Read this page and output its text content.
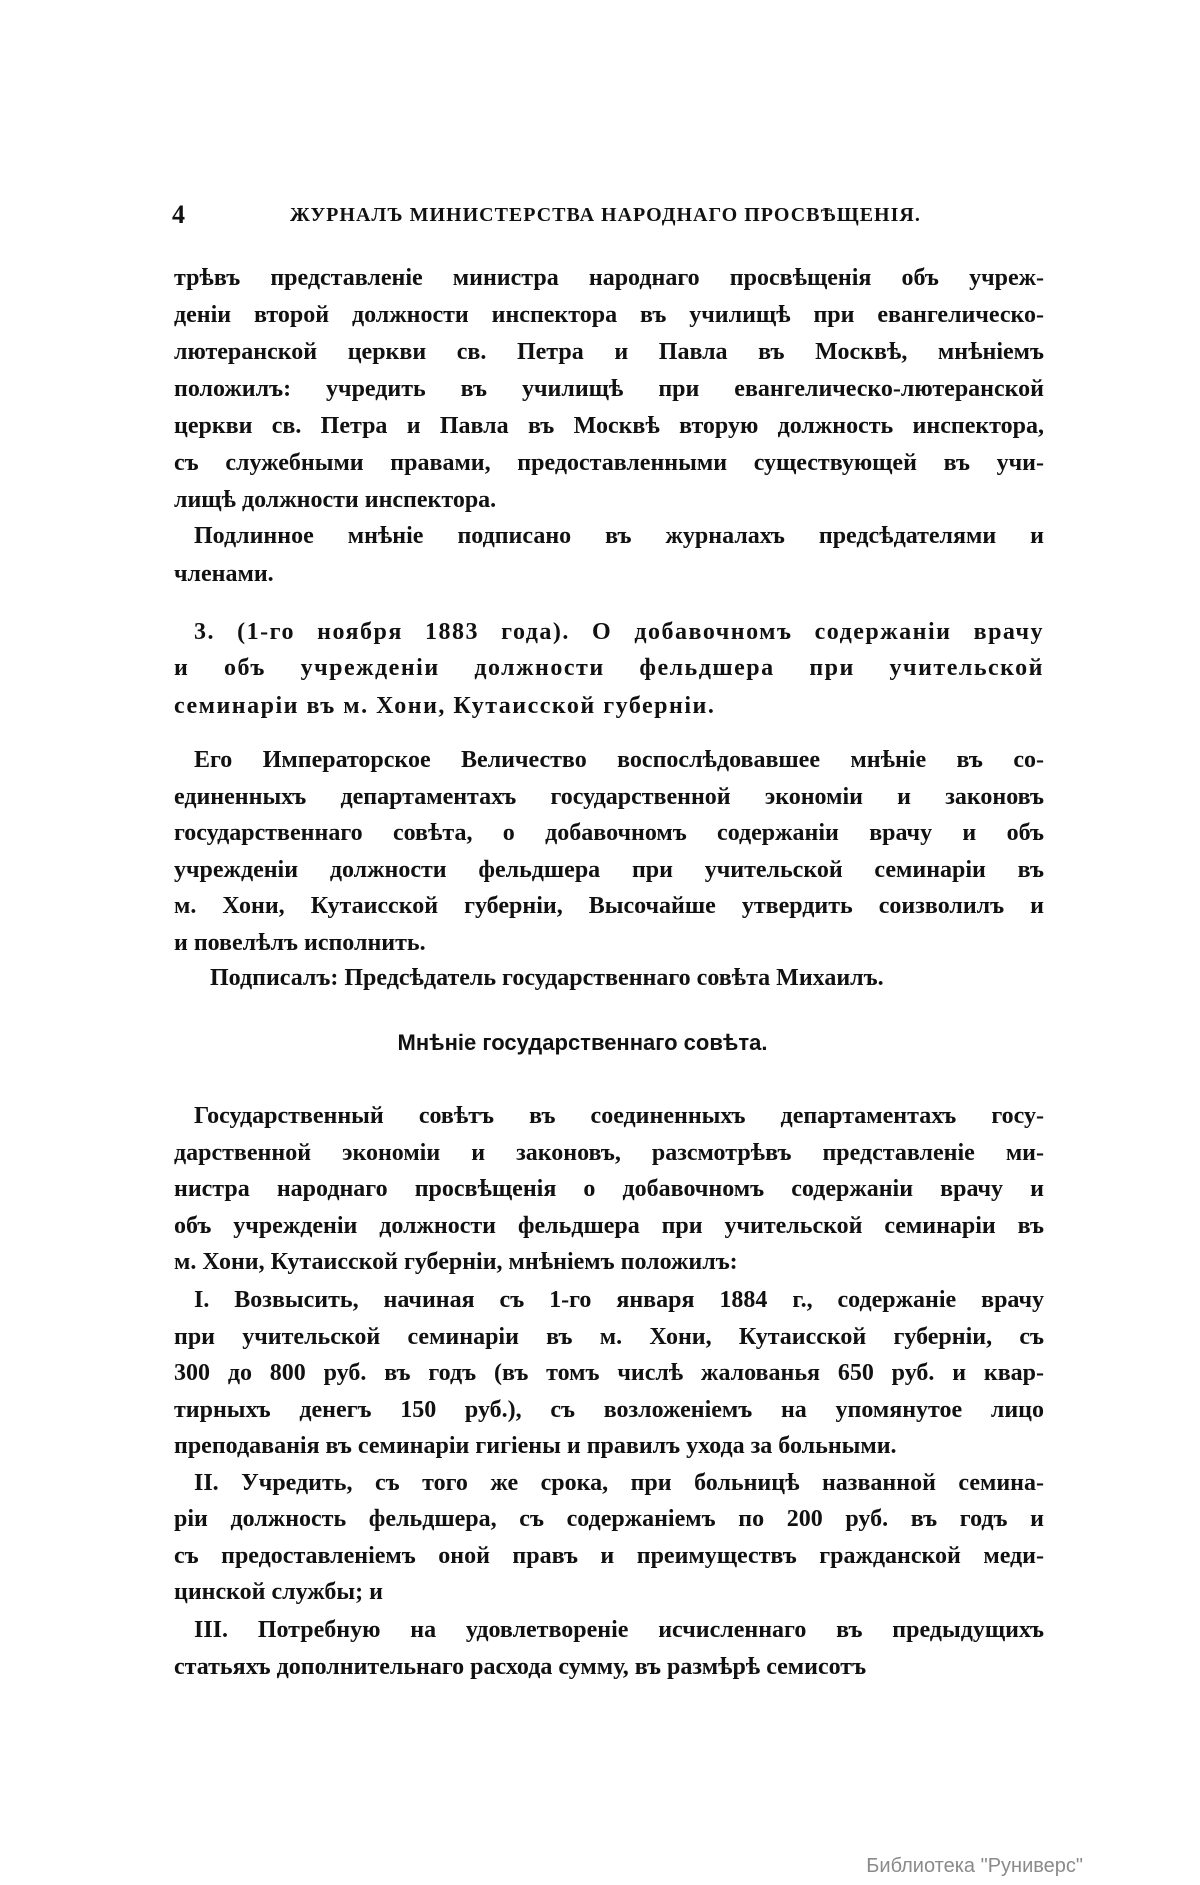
4	ЖУРНАЛЪ МИНИСТЕРСТВА НАРОДНАГО ПРОСВѢЩЕНІЯ.
трѣвъ представленіе министра народнаго просвѣщенія объ учреж-
деніи второй должности инспектора въ училищѣ при евангелическо-
лютеранской церкви св. Петра и Павла въ Москвѣ, мнѣніемъ
положилъ: учредить въ училищѣ при евангелическо-лютеранской
церкви св. Петра и Павла въ Москвѣ вторую должность инспектора,
съ служебными правами, предоставленными существующей въ учи-
лищѣ должности инспектора.
Подлинное мнѣніе подписано въ журналахъ предсѣдателями и
членами.
3. (1-го ноября 1883 года). О добавочномъ содержаніи врачу
и объ учрежденіи должности фельдшера при учительской
семинаріи въ м. Хони, Кутаисской губерніи.
Его Императорское Величество воспослѣдовавшее мнѣніе въ со-
единенныхъ департаментахъ государственной экономіи и законовъ
государственнаго совѣта, о добавочномъ содержаніи врачу и объ
учрежденіи должности фельдшера при учительской семинаріи въ
м. Хони, Кутаисской губерніи, Высочайше утвердить соизволилъ и
и повелѣлъ исполнить.
Подписалъ: Предсѣдатель государственнаго совѣта Михаилъ.
Государственный совѣтъ въ соединенныхъ департаментахъ госу-
дарственной экономіи и законовъ, разсмотрѣвъ представленіе ми-
нистра народнаго просвѣщенія о добавочномъ содержаніи врачу и
объ учрежденіи должности фельдшера при учительской семинаріи въ
м. Хони, Кутаисской губерніи, мнѣніемъ положилъ:
I. Возвысить, начиная съ 1-го января 1884 г., содержаніе врачу
при учительской семинаріи въ м. Хони, Кутаисской губерніи, съ
300 до 800 руб. въ годъ (въ томъ числѣ жалованья 650 руб. и квар-
тирныхъ денегъ 150 руб.), съ возложеніемъ на упомянутое лицо
преподаванія въ семинаріи гигіены и правилъ ухода за больными.
II. Учредить, съ того же срока, при больницѣ названной семина-
ріи должность фельдшера, съ содержаніемъ по 200 руб. въ годъ и
съ предоставленіемъ оной правъ и преимуществъ гражданской меди-
цинской службы; и
III. Потребную на удовлетвореніе исчисленнаго въ предыдущихъ
статьяхъ дополнительнаго расхода сумму, въ размѣрѣ семисотъ
Мнѣніе государственнаго совѣта.
Библиотека "Руниверс"
